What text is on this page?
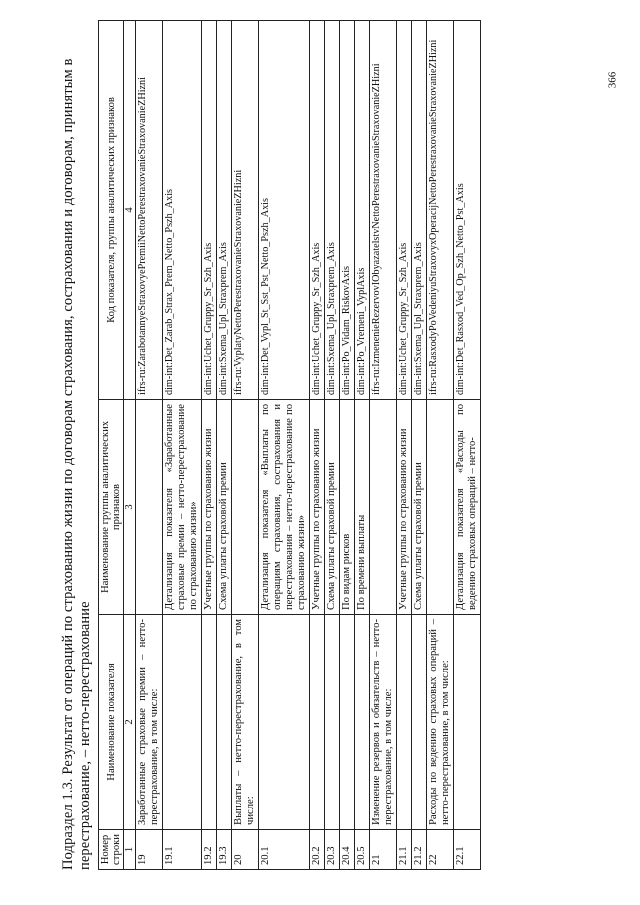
Подраздел 1.3. Результат от операций по страхованию жизни по договорам страхования, сострахования и договорам, принятым в перестрахование, – нетто-перестрахование Номер строки	Наименование показателя	Наименование группы аналитических признаков	Код показателя, группы аналитических признаков
1	2	3	4
19	Заработанные страховые премии – нетто-перестрахование, в том числе:		ifrs-ru:ZarabotannyeStraxovyePremiiNettoPerestraxovanieStraxovanieZHizni
19.1		Детализация показателя «Заработанные страховые премии – нетто-перестрахование по страхованию жизни»	dim-int:Det_Zarab_Strax_Prem_Netto_Pszh_Axis
19.2		Учетные группы по страхованию жизни	dim-int:Uchet_Gruppy_Sr_Szh_Axis
19.3		Схема уплаты страховой премии	dim-int:Sxema_Upl_Straxprem_Axis
20	Выплаты – нетто-перестрахование, в том числе:		ifrs-ru:VyplatyNettoPerestraxovanieStraxovanieZHizni
20.1		Детализация показателя «Выплаты по операциям страхования, сострахования и перестрахования – нетто-перестрахование по страхованию жизни»	dim-int:Det_Vypl_St_Sst_Pst_Netto_Pszh_Axis
20.2		Учетные группы по страхованию жизни	dim-int:Uchet_Gruppy_Sr_Szh_Axis
20.3		Схема уплаты страховой премии	dim-int:Sxema_Upl_Straxprem_Axis
20.4		По видам рисков	dim-int:Po_Vidam_RiskovAxis
20.5		По времени выплаты	dim-int:Po_Vremeni_VyplAxis
21	Изменение резервов и обязательств – нетто-перестрахование, в том числе:		ifrs-ru:IzmenenieRezervovIObyazatelstvNettoPerestraxovanieStraxovanieZHizni
21.1		Учетные группы по страхованию жизни	dim-int:Uchet_Gruppy_Sr_Szh_Axis
21.2		Схема уплаты страховой премии	dim-int:Sxema_Upl_Straxprem_Axis
22	Расходы по ведению страховых операций – нетто-перестрахование, в том числе:		ifrs-ru:RasxodyPoVedeniyuStraxovyxOperacijNettoPerestraxovanieStraxovanieZHizni
22.1		Детализация показателя «Расходы по ведению страховых операций – нетто-	dim-int:Det_Rasxod_Ved_Op_Szh_Netto_Pst_Axis
366
